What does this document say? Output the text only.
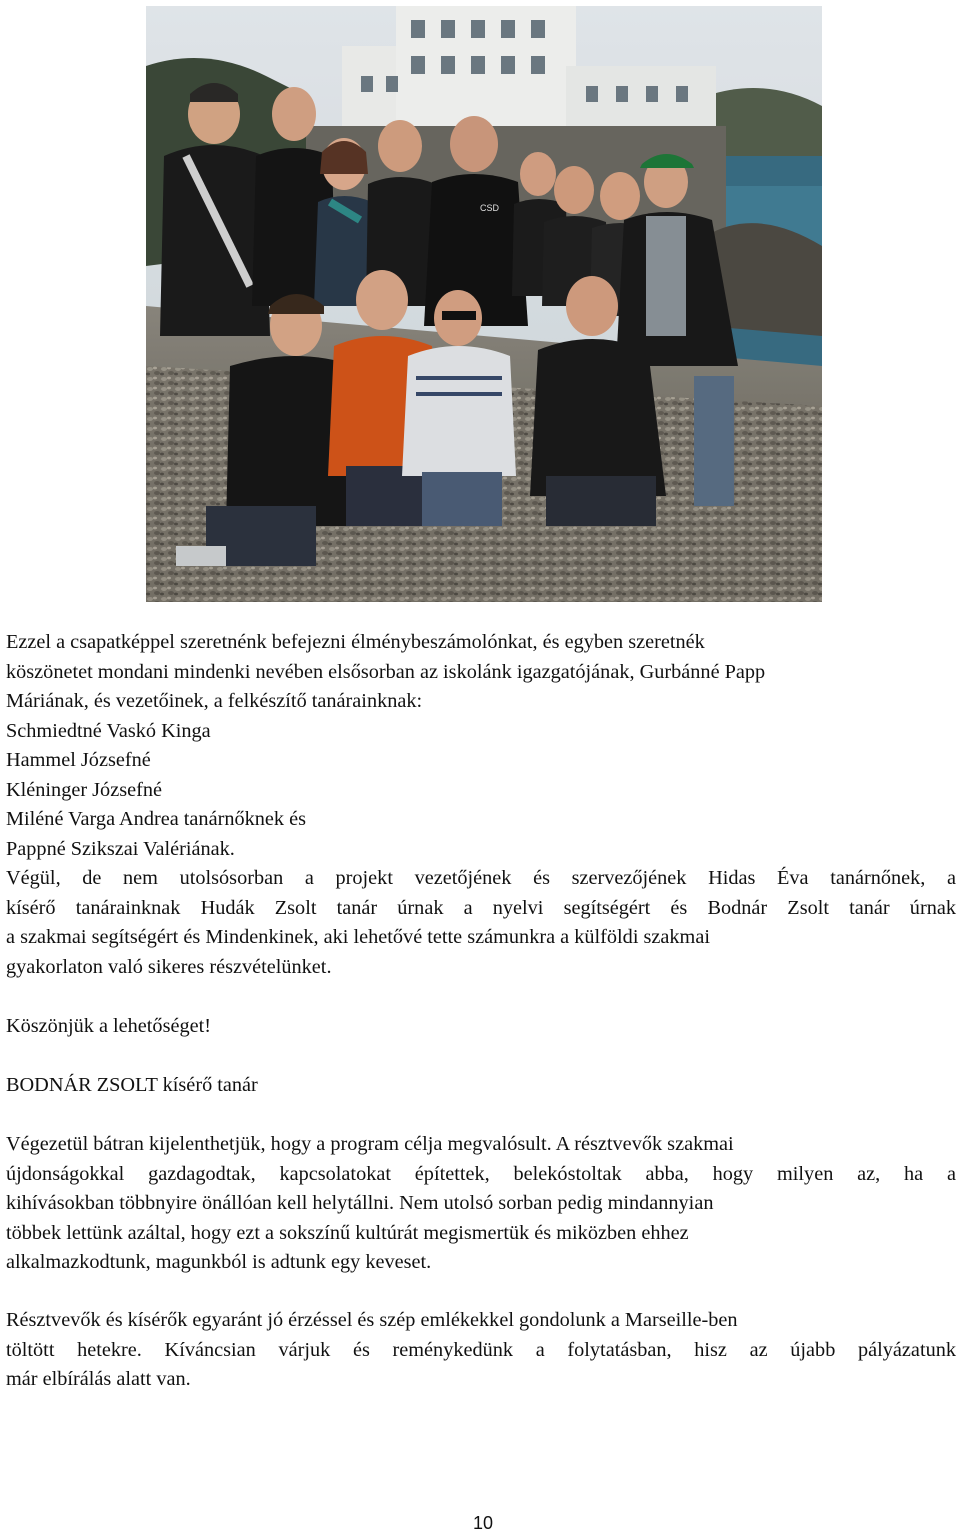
CSD
Ezzel a csapatképpel szeretnénk befejezni élménybeszámolónkat, és egyben szeretnék
köszönetet mondani mindenki nevében elsősorban az iskolánk igazgatójának, Gurbánné Papp
Máriának, és vezetőinek, a felkészítő tanárainknak:
Schmiedtné Vaskó Kinga
Hammel Józsefné
Kléninger Józsefné
Miléné Varga Andrea tanárnőknek és
Pappné Szikszai Valériának.
Végül, de nem utolsósorban a projekt vezetőjének és szervezőjének Hidas Éva tanárnőnek, a
kísérő tanárainknak Hudák Zsolt tanár úrnak a nyelvi segítségért és Bodnár Zsolt tanár úrnak
a szakmai segítségért és Mindenkinek, aki lehetővé tette számunkra a külföldi szakmai
gyakorlaton való sikeres részvételünket.
Köszönjük a lehetőséget!
BODNÁR ZSOLT kísérő tanár
Végezetül bátran kijelenthetjük, hogy a program célja megvalósult. A résztvevők szakmai
újdonságokkal gazdagodtak, kapcsolatokat építettek, belekóstoltak abba, hogy milyen az, ha a
kihívásokban többnyire önállóan kell helytállni. Nem utolsó sorban pedig mindannyian
többek lettünk azáltal, hogy ezt a sokszínű kultúrát megismertük és miközben ehhez
alkalmazkodtunk, magunkból is adtunk egy keveset.
Résztvevők és kísérők egyaránt jó érzéssel és szép emlékekkel gondolunk a Marseille-ben
töltött hetekre. Kíváncsian várjuk és reménykedünk a folytatásban, hisz az újabb pályázatunk
már elbírálás alatt van.
10
